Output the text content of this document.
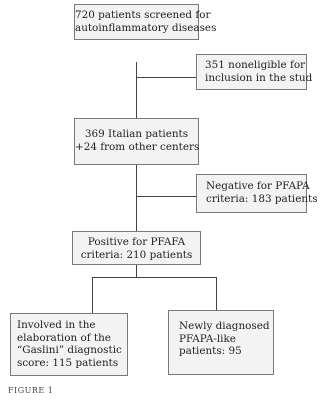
720 patients screened for
autoinflammatory diseases
351 noneligible for
inclusion in the stud
369 Italian patients
+24 from other centers
Negative for PFAPA
criteria: 183 patients
Positive for PFAFA
criteria: 210 patients
Involved in the
elaboration of the
“Gaslini” diagnostic
score: 115 patients
Newly diagnosed
PFAPA-like
patients: 95
FIGURE 1
